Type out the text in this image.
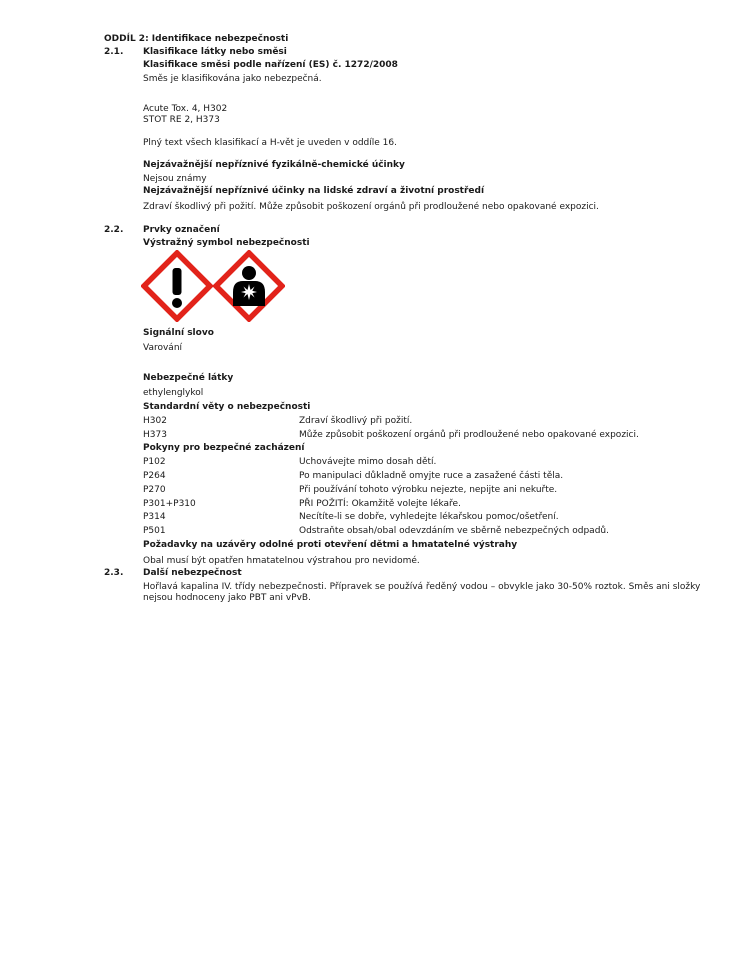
ODDÍL 2: Identifikace nebezpečnosti
2.1. Klasifikace látky nebo směsi
Klasifikace směsi podle nařízení (ES) č. 1272/2008
Směs je klasifikována jako nebezpečná.
Acute Tox. 4, H302
STOT RE 2, H373
Plný text všech klasifikací a H-vět je uveden v oddíle 16.
Nejzávažnější nepříznivé fyzikálně-chemické účinky
Nejsou známy
Nejzávažnější nepříznivé účinky na lidské zdraví a životní prostředí
Zdraví škodlivý při požití. Může způsobit poškození orgánů při prodloužené nebo opakované expozici.
2.2. Prvky označení
Výstražný symbol nebezpečnosti
Signální slovo
Varování
Nebezpečné látky
ethylenglykol
Standardní věty o nebezpečnosti
H302	Zdraví škodlivý při požití.
H373	Může způsobit poškození orgánů při prodloužené nebo opakované expozici.
Pokyny pro bezpečné zacházení
P102	Uchovávejte mimo dosah dětí.
P264	Po manipulaci důkladně omyjte ruce a zasažené části těla.
P270	Při používání tohoto výrobku nejezte, nepijte ani nekuřte.
P301+P310	PŘI POŽITÍ: Okamžitě volejte lékaře.
P314	Necítíte-li se dobře, vyhledejte lékařskou pomoc/ošetření.
P501	Odstraňte obsah/obal odevzdáním ve sběrně nebezpečných odpadů.
Požadavky na uzávěry odolné proti otevření dětmi a hmatatelné výstrahy
Obal musí být opatřen hmatatelnou výstrahou pro nevidomé.
2.3. Další nebezpečnost
Hořlavá kapalina IV. třídy nebezpečnosti. Přípravek se používá ředěný vodou – obvykle jako 30-50% roztok. Směs ani složky nejsou hodnoceny jako PBT ani vPvB.
